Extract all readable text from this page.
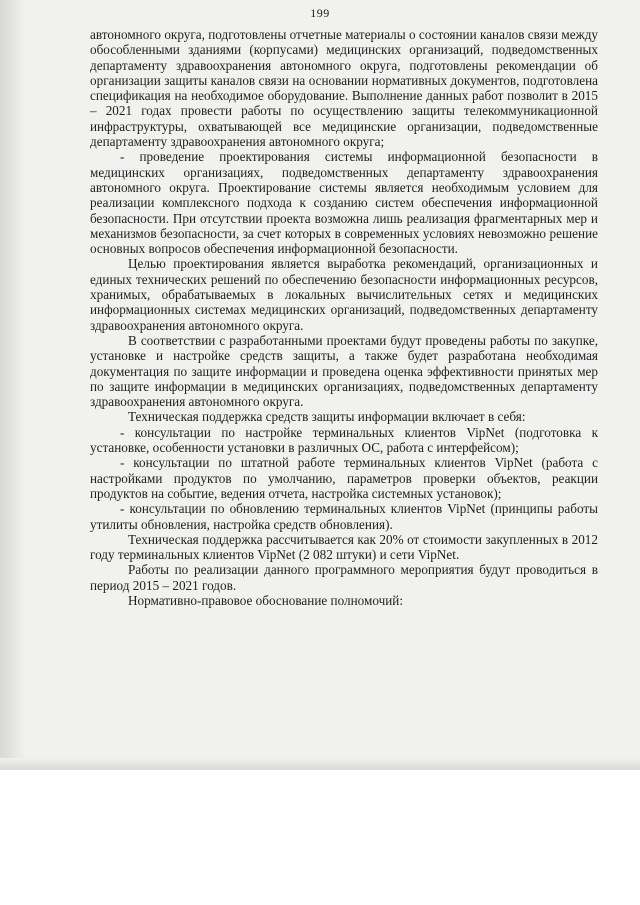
199

автономного округа, подготовлены отчетные материалы о состоянии каналов связи между обособленными зданиями (корпусами) медицинских организаций, подведомственных департаменту здравоохранения автономного округа, подготовлены рекомендации об организации защиты каналов связи на основании нормативных документов, подготовлена спецификация на необходимое оборудование. Выполнение данных работ позволит в 2015 – 2021 годах провести работы по осуществлению защиты телекоммуникационной инфраструктуры, охватывающей все медицинские организации, подведомственные департаменту здравоохранения автономного округа;

- проведение проектирования системы информационной безопасности в медицинских организациях, подведомственных департаменту здравоохранения автономного округа. Проектирование системы является необходимым условием для реализации комплексного подхода к созданию систем обеспечения информационной безопасности. При отсутствии проекта возможна лишь реализация фрагментарных мер и механизмов безопасности, за счет которых в современных условиях невозможно решение основных вопросов обеспечения информационной безопасности.

Целью проектирования является выработка рекомендаций, организационных и единых технических решений по обеспечению безопасности информационных ресурсов, хранимых, обрабатываемых в локальных вычислительных сетях и медицинских информационных системах медицинских организаций, подведомственных департаменту здравоохранения автономного округа.

В соответствии с разработанными проектами будут проведены работы по закупке, установке и настройке средств защиты, а также будет разработана необходимая документация по защите информации и проведена оценка эффективности принятых мер по защите информации в медицинских организациях, подведомственных департаменту здравоохранения автономного округа.

Техническая поддержка средств защиты информации включает в себя:

- консультации по настройке терминальных клиентов VipNet (подготовка к установке, особенности установки в различных ОС, работа с интерфейсом);

- консультации по штатной работе терминальных клиентов VipNet (работа с настройками продуктов по умолчанию, параметров проверки объектов, реакции продуктов на событие, ведения отчета, настройка системных установок);

- консультации по обновлению терминальных клиентов VipNet (принципы работы утилиты обновления, настройка средств обновления).

Техническая поддержка рассчитывается как 20% от стоимости закупленных в 2012 году терминальных клиентов VipNet (2 082 штуки) и сети VipNet.

Работы по реализации данного программного мероприятия будут проводиться в период 2015 – 2021 годов.

Нормативно-правовое обоснование полномочий:
